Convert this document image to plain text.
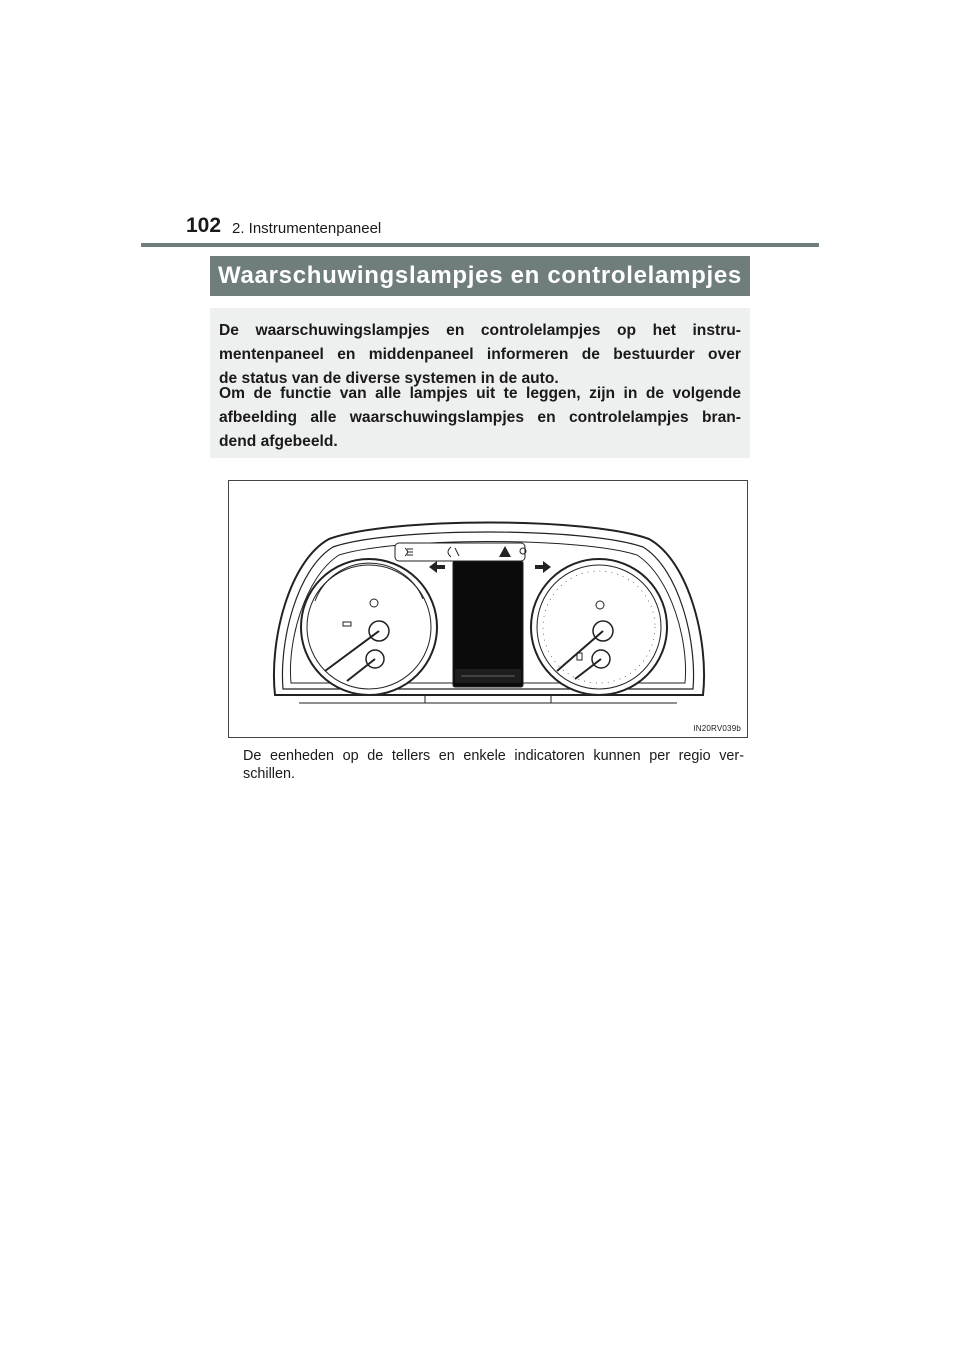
102 2. Instrumentenpaneel
Waarschuwingslampjes en controlelampjes
De waarschuwingslampjes en controlelampjes op het instru-
mentenpaneel en middenpaneel informeren de bestuurder over
de status van de diverse systemen in de auto.
Om de functie van alle lampjes uit te leggen, zijn in de volgende
afbeelding alle waarschuwingslampjes en controlelampjes bran-
dend afgebeeld.
IN20RV039b
De eenheden op de tellers en enkele indicatoren kunnen per regio ver-
schillen.
